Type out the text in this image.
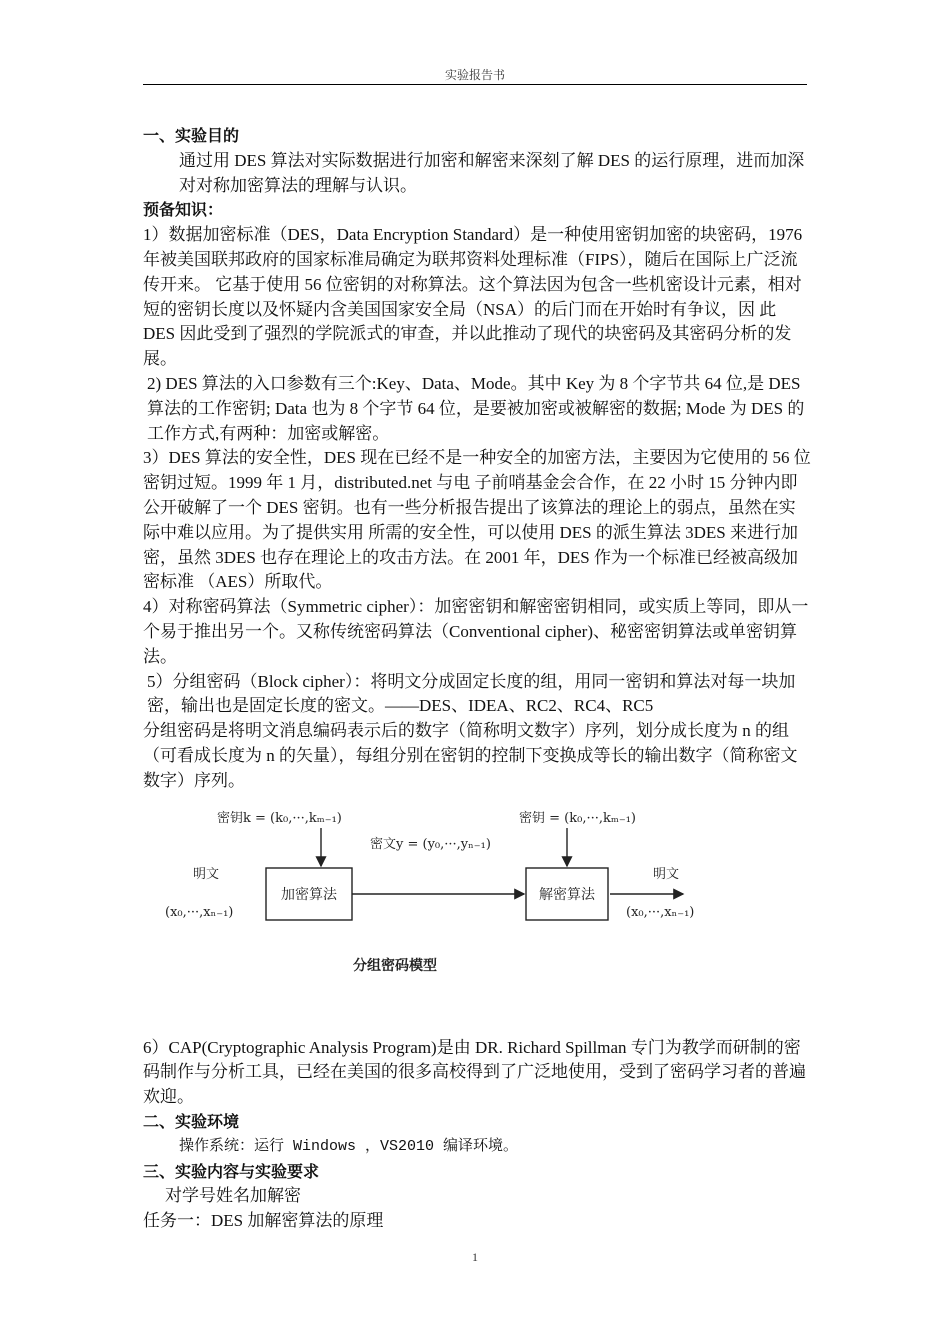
实验报告书

一、实验目的

通过用 DES 算法对实际数据进行加密和解密来深刻了解 DES 的运行原理，进而加深对对称加密算法的理解与认识。

预备知识：

1）数据加密标准（DES，Data Encryption Standard）是一种使用密钥加密的块密码，1976 年被美国联邦政府的国家标准局确定为联邦资料处理标准（FIPS），随后在国际上广泛流传开来。 它基于使用 56 位密钥的对称算法。这个算法因为包含一些机密设计元素，相对短的密钥长度以及怀疑内含美国国家安全局（NSA）的后门而在开始时有争议，因 此 DES 因此受到了强烈的学院派式的审查，并以此推动了现代的块密码及其密码分析的发展。

2) DES 算法的入口参数有三个:Key、Data、Mode。其中 Key 为 8 个字节共 64 位,是 DES 算法的工作密钥; Data 也为 8 个字节 64 位，是要被加密或被解密的数据; Mode 为 DES 的工作方式,有两种：加密或解密。

3）DES 算法的安全性，DES 现在已经不是一种安全的加密方法，主要因为它使用的 56 位密钥过短。1999 年 1 月，distributed.net 与电 子前哨基金会合作，在 22 小时 15 分钟内即公开破解了一个 DES 密钥。也有一些分析报告提出了该算法的理论上的弱点，虽然在实际中难以应用。为了提供实用 所需的安全性，可以使用 DES 的派生算法 3DES 来进行加密，虽然 3DES 也存在理论上的攻击方法。在 2001 年，DES 作为一个标准已经被高级加密标准 （AES）所取代。

4）对称密码算法（Symmetric cipher）：加密密钥和解密密钥相同，或实质上等同，即从一个易于推出另一个。又称传统密码算法（Conventional cipher)、秘密密钥算法或单密钥算法。

5）分组密码（Block cipher）：将明文分成固定长度的组，用同一密钥和算法对每一块加密，输出也是固定长度的密文。——DES、IDEA、RC2、RC4、RC5

分组密码是将明文消息编码表示后的数字（简称明文数字）序列，划分成长度为 n 的组（可看成长度为 n 的矢量），每组分别在密钥的控制下变换成等长的输出数字（简称密文数字）序列。

加密算法	解密算法
密钥k = (k₀,···,kₘ₋₁)	密钥 = (k₀,···,kₘ₋₁)
密文y = (y₀,···,yₙ₋₁)
明文
(x₀,···,xₙ₋₁)
明文
(x₀,···,xₙ₋₁)
分组密码模型

6）CAP(Cryptographic Analysis Program)是由 DR. Richard Spillman 专门为教学而研制的密码制作与分析工具，已经在美国的很多高校得到了广泛地使用，受到了密码学习者的普遍欢迎。

二、实验环境

操作系统：运行 Windows ，VS2010 编译环境。

三、实验内容与实验要求

对学号姓名加解密

任务一：DES 加解密算法的原理

1
